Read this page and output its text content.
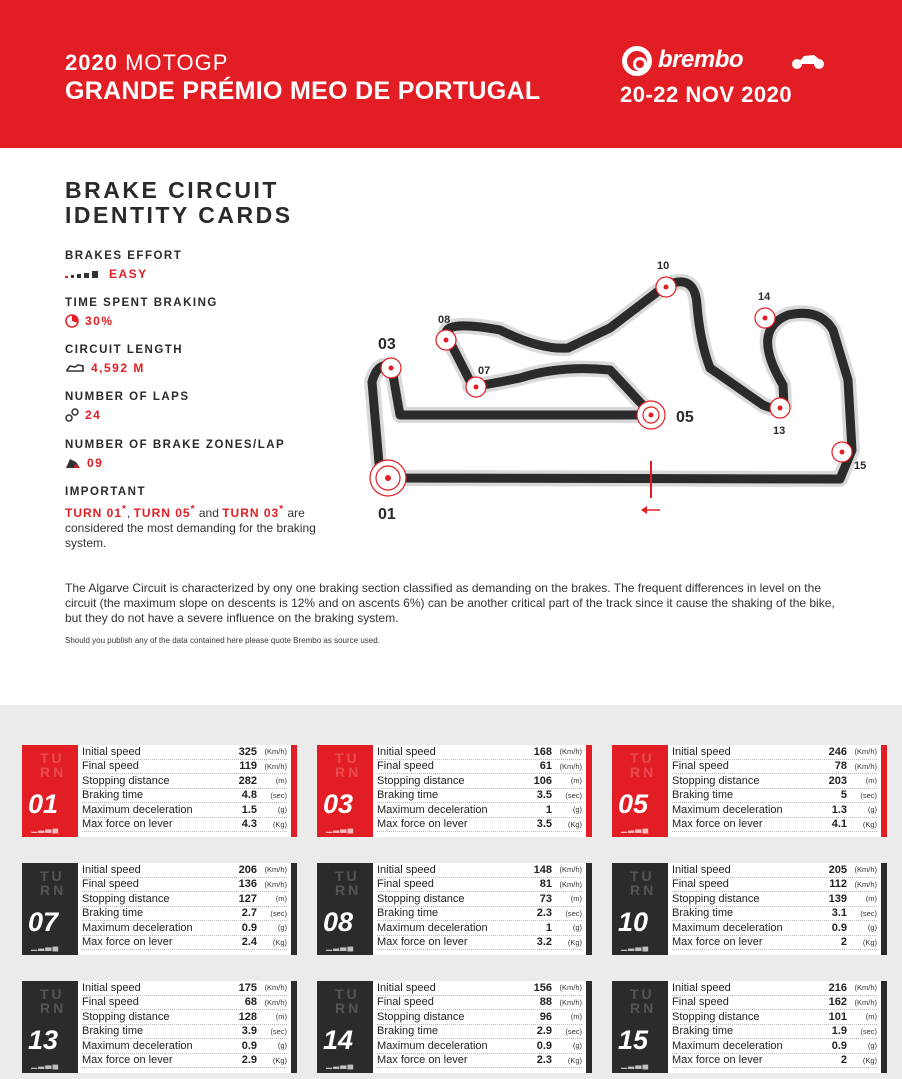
2020 MOTOGP
GRANDE PRÉMIO MEO DE PORTUGAL
brembo
20-22 NOV 2020
BRAKE CIRCUIT
IDENTITY CARDS
BRAKES EFFORT
EASY
TIME SPENT BRAKING
30%
CIRCUIT LENGTH
4,592 M
NUMBER OF LAPS
24
NUMBER OF BRAKE ZONES/LAP
09
IMPORTANT
TURN 01*, TURN 05* and TURN 03* are considered the most demanding for the braking system.
01
03
05
07
08
10
13
14
15
The Algarve Circuit is characterized by ony one braking section classified as demanding on the brakes. The frequent differences in level on the circuit (the maximum slope on descents is 12% and on ascents 6%) can be another critical part of the track since it cause the shaking of the bike, but they do not have a severe influence on the braking system.
Should you publish any of the data contained here please quote Brembo as source used.
TU RN
01
▁▂▃▄
Initial speed	325	(Km/h)
Final speed	119	(Km/h)
Stopping distance	282	(m)
Braking time	4.8	(sec)
Maximum deceleration	1.5	(g)
Max force on lever	4.3	(Kg)
TU RN
03
▁▂▃▄
Initial speed	168	(Km/h)
Final speed	61	(Km/h)
Stopping distance	106	(m)
Braking time	3.5	(sec)
Maximum deceleration	1	(g)
Max force on lever	3.5	(Kg)
TU RN
05
▁▂▃▄
Initial speed	246	(Km/h)
Final speed	78	(Km/h)
Stopping distance	203	(m)
Braking time	5	(sec)
Maximum deceleration	1.3	(g)
Max force on lever	4.1	(Kg)
TU RN
07
▁▂▃▄
Initial speed	206	(Km/h)
Final speed	136	(Km/h)
Stopping distance	127	(m)
Braking time	2.7	(sec)
Maximum deceleration	0.9	(g)
Max force on lever	2.4	(Kg)
TU RN
08
▁▂▃▄
Initial speed	148	(Km/h)
Final speed	81	(Km/h)
Stopping distance	73	(m)
Braking time	2.3	(sec)
Maximum deceleration	1	(g)
Max force on lever	3.2	(Kg)
TU RN
10
▁▂▃▄
Initial speed	205	(Km/h)
Final speed	112	(Km/h)
Stopping distance	139	(m)
Braking time	3.1	(sec)
Maximum deceleration	0.9	(g)
Max force on lever	2	(Kg)
TU RN
13
▁▂▃▄
Initial speed	175	(Km/h)
Final speed	68	(Km/h)
Stopping distance	128	(m)
Braking time	3.9	(sec)
Maximum deceleration	0.9	(g)
Max force on lever	2.9	(Kg)
TU RN
14
▁▂▃▄
Initial speed	156	(Km/h)
Final speed	88	(Km/h)
Stopping distance	96	(m)
Braking time	2.9	(sec)
Maximum deceleration	0.9	(g)
Max force on lever	2.3	(Kg)
TU RN
15
▁▂▃▄
Initial speed	216	(Km/h)
Final speed	162	(Km/h)
Stopping distance	101	(m)
Braking time	1.9	(sec)
Maximum deceleration	0.9	(g)
Max force on lever	2	(Kg)
